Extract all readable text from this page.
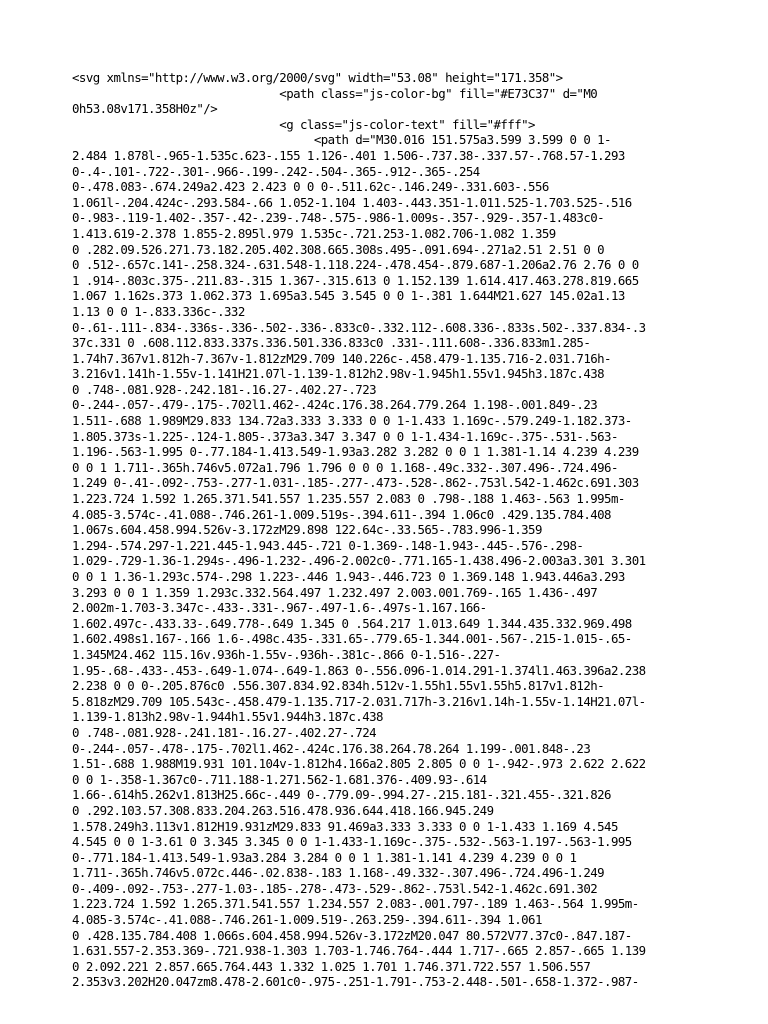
<svg xmlns="http://www.w3.org/2000/svg" width="53.08" height="171.358">
<path class="js-color-bg" fill="#E73C37" d="M0
0h53.08v171.358H0z"/>
<g class="js-color-text" fill="#fff">
<path d="M30.016 151.575a3.599 3.599 0 0 1-
2.484 1.878l-.965-1.535c.623-.155 1.126-.401 1.506-.737.38-.337.57-.768.57-1.293
0-.4-.101-.722-.301-.966-.199-.242-.504-.365-.912-.365-.254
0-.478.083-.674.249a2.423 2.423 0 0 0-.511.62c-.146.249-.331.603-.556
1.061l-.204.424c-.293.584-.66 1.052-1.104 1.403-.443.351-1.011.525-1.703.525-.516
0-.983-.119-1.402-.357-.42-.239-.748-.575-.986-1.009s-.357-.929-.357-1.483c0-
1.413.619-2.378 1.855-2.895l.979 1.535c-.721.253-1.082.706-1.082 1.359
0 .282.09.526.271.73.182.205.402.308.665.308s.495-.091.694-.271a2.51 2.51 0 0
0 .512-.657c.141-.258.324-.631.548-1.118.224-.478.454-.879.687-1.206a2.76 2.76 0 0
1 .914-.803c.375-.211.83-.315 1.367-.315.613 0 1.152.139 1.614.417.463.278.819.665
1.067 1.162s.373 1.062.373 1.695a3.545 3.545 0 0 1-.381 1.644M21.627 145.02a1.13
1.13 0 0 1-.833.336c-.332
0-.61-.111-.834-.336s-.336-.502-.336-.833c0-.332.112-.608.336-.833s.502-.337.834-.3
37c.331 0 .608.112.833.337s.336.501.336.833c0 .331-.111.608-.336.833m1.285-
1.74h7.367v1.812h-7.367v-1.812zM29.709 140.226c-.458.479-1.135.716-2.031.716h-
3.216v1.141h-1.55v-1.141H21.07l-1.139-1.812h2.98v-1.945h1.55v1.945h3.187c.438
0 .748-.081.928-.242.181-.16.27-.402.27-.723
0-.244-.057-.479-.175-.702l1.462-.424c.176.38.264.779.264 1.198-.001.849-.23
1.511-.688 1.989M29.833 134.72a3.333 3.333 0 0 1-1.433 1.169c-.579.249-1.182.373-
1.805.373s-1.225-.124-1.805-.373a3.347 3.347 0 0 1-1.434-1.169c-.375-.531-.563-
1.196-.563-1.995 0-.77.184-1.413.549-1.93a3.282 3.282 0 0 1 1.381-1.14 4.239 4.239
0 0 1 1.711-.365h.746v5.072a1.796 1.796 0 0 0 1.168-.49c.332-.307.496-.724.496-
1.249 0-.41-.092-.753-.277-1.031-.185-.277-.473-.528-.862-.753l.542-1.462c.691.303
1.223.724 1.592 1.265.371.541.557 1.235.557 2.083 0 .798-.188 1.463-.563 1.995m-
4.085-3.574c-.41.088-.746.261-1.009.519s-.394.611-.394 1.06c0 .429.135.784.408
1.067s.604.458.994.526v-3.172zM29.898 122.64c-.33.565-.783.996-1.359
1.294-.574.297-1.221.445-1.943.445-.721 0-1.369-.148-1.943-.445-.576-.298-
1.029-.729-1.36-1.294s-.496-1.232-.496-2.002c0-.771.165-1.438.496-2.003a3.301 3.301
0 0 1 1.36-1.293c.574-.298 1.223-.446 1.943-.446.723 0 1.369.148 1.943.446a3.293
3.293 0 0 1 1.359 1.293c.332.564.497 1.232.497 2.003.001.769-.165 1.436-.497
2.002m-1.703-3.347c-.433-.331-.967-.497-1.6-.497s-1.167.166-
1.602.497c-.433.33-.649.778-.649 1.345 0 .564.217 1.013.649 1.344.435.332.969.498
1.602.498s1.167-.166 1.6-.498c.435-.331.65-.779.65-1.344.001-.567-.215-1.015-.65-
1.345M24.462 115.16v.936h-1.55v-.936h-.381c-.866 0-1.516-.227-
1.95-.68-.433-.453-.649-1.074-.649-1.863 0-.556.096-1.014.291-1.374l1.463.396a2.238
2.238 0 0 0-.205.876c0 .556.307.834.92.834h.512v-1.55h1.55v1.55h5.817v1.812h-
5.818zM29.709 105.543c-.458.479-1.135.717-2.031.717h-3.216v1.14h-1.55v-1.14H21.07l-
1.139-1.813h2.98v-1.944h1.55v1.944h3.187c.438
0 .748-.081.928-.241.181-.16.27-.402.27-.724
0-.244-.057-.478-.175-.702l1.462-.424c.176.38.264.78.264 1.199-.001.848-.23
1.51-.688 1.988M19.931 101.104v-1.812h4.166a2.805 2.805 0 0 1-.942-.973 2.622 2.622
0 0 1-.358-1.367c0-.711.188-1.271.562-1.681.376-.409.93-.614
1.66-.614h5.262v1.813H25.66c-.449 0-.779.09-.994.27-.215.181-.321.455-.321.826
0 .292.103.57.308.833.204.263.516.478.936.644.418.166.945.249
1.578.249h3.113v1.812H19.931zM29.833 91.469a3.333 3.333 0 0 1-1.433 1.169 4.545
4.545 0 0 1-3.61 0 3.345 3.345 0 0 1-1.433-1.169c-.375-.532-.563-1.197-.563-1.995
0-.771.184-1.413.549-1.93a3.284 3.284 0 0 1 1.381-1.141 4.239 4.239 0 0 1
1.711-.365h.746v5.072c.446-.02.838-.183 1.168-.49.332-.307.496-.724.496-1.249
0-.409-.092-.753-.277-1.03-.185-.278-.473-.529-.862-.753l.542-1.462c.691.302
1.223.724 1.592 1.265.371.541.557 1.234.557 2.083-.001.797-.189 1.463-.564 1.995m-
4.085-3.574c-.41.088-.746.261-1.009.519-.263.259-.394.611-.394 1.061
0 .428.135.784.408 1.066s.604.458.994.526v-3.172zM20.047 80.572V77.37c0-.847.187-
1.631.557-2.353.369-.721.938-1.303 1.703-1.746.764-.444 1.717-.665 2.857-.665 1.139
0 2.092.221 2.857.665.764.443 1.332 1.025 1.701 1.746.371.722.557 1.506.557
2.353v3.202H20.047zm8.478-2.601c0-.975-.251-1.791-.753-2.448-.501-.658-1.372-.987-
